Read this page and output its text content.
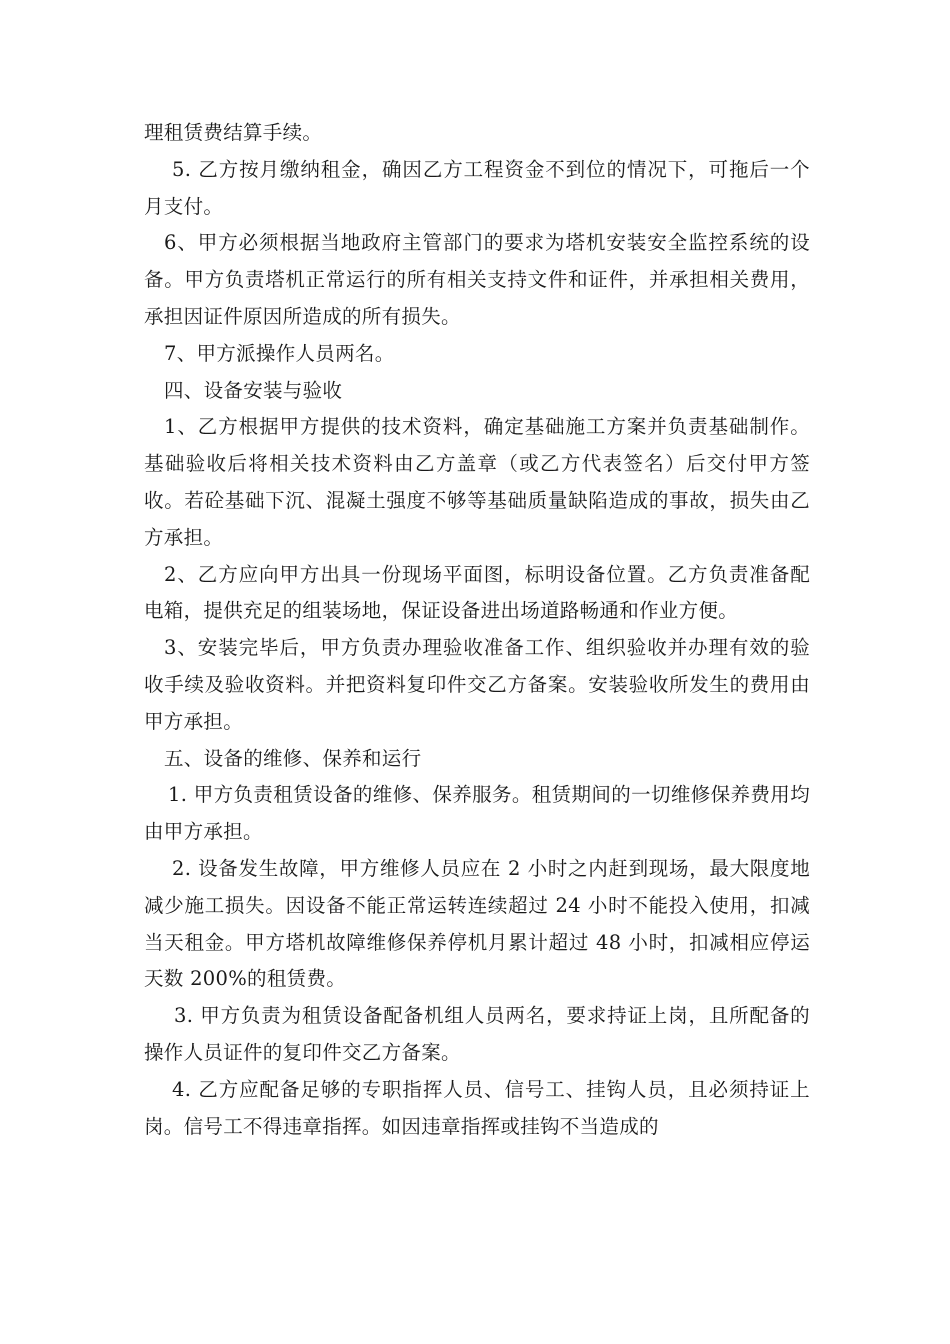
理租赁费结算手续。

5. 乙方按月缴纳租金，确因乙方工程资金不到位的情况下，可拖后一个月支付。

6、甲方必须根据当地政府主管部门的要求为塔机安装安全监控系统的设备。甲方负责塔机正常运行的所有相关支持文件和证件，并承担相关费用，承担因证件原因所造成的所有损失。

7、甲方派操作人员两名。

四、设备安装与验收

1、乙方根据甲方提供的技术资料，确定基础施工方案并负责基础制作。基础验收后将相关技术资料由乙方盖章（或乙方代表签名）后交付甲方签收。若砼基础下沉、混凝土强度不够等基础质量缺陷造成的事故，损失由乙方承担。

2、乙方应向甲方出具一份现场平面图，标明设备位置。乙方负责准备配电箱，提供充足的组装场地，保证设备进出场道路畅通和作业方便。

3、安装完毕后，甲方负责办理验收准备工作、组织验收并办理有效的验收手续及验收资料。并把资料复印件交乙方备案。安装验收所发生的费用由甲方承担。

五、设备的维修、保养和运行

1. 甲方负责租赁设备的维修、保养服务。租赁期间的一切维修保养费用均由甲方承担。

2. 设备发生故障，甲方维修人员应在 2 小时之内赶到现场，最大限度地减少施工损失。因设备不能正常运转连续超过 24 小时不能投入使用，扣减当天租金。甲方塔机故障维修保养停机月累计超过 48 小时，扣减相应停运天数 200%的租赁费。

3. 甲方负责为租赁设备配备机组人员两名，要求持证上岗，且所配备的操作人员证件的复印件交乙方备案。

4. 乙方应配备足够的专职指挥人员、信号工、挂钩人员，且必须持证上岗。信号工不得违章指挥。如因违章指挥或挂钩不当造成的
